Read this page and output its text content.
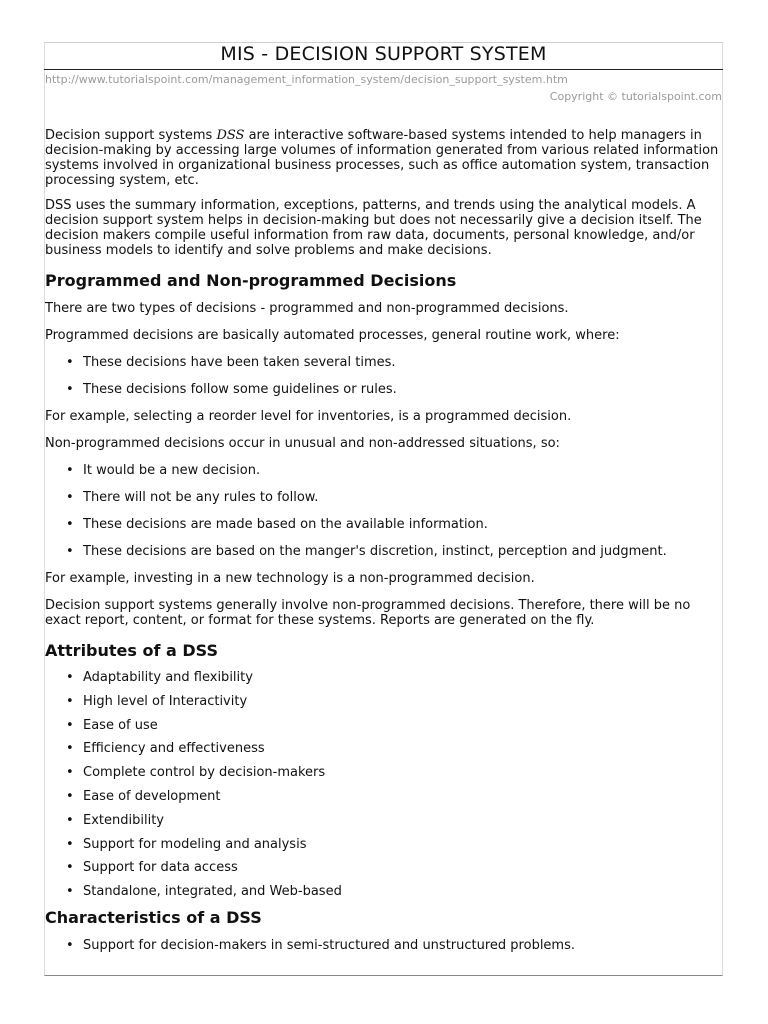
MIS - DECISION SUPPORT SYSTEM
http://www.tutorialspoint.com/management_information_system/decision_support_system.htm
Copyright © tutorialspoint.com

Decision support systems DSS are interactive software-based systems intended to help managers in decision-making by accessing large volumes of information generated from various related information systems involved in organizational business processes, such as office automation system, transaction processing system, etc.

DSS uses the summary information, exceptions, patterns, and trends using the analytical models. A decision support system helps in decision-making but does not necessarily give a decision itself. The decision makers compile useful information from raw data, documents, personal knowledge, and/or business models to identify and solve problems and make decisions.

Programmed and Non-programmed Decisions

There are two types of decisions - programmed and non-programmed decisions.

Programmed decisions are basically automated processes, general routine work, where:

• These decisions have been taken several times.
• These decisions follow some guidelines or rules.

For example, selecting a reorder level for inventories, is a programmed decision.

Non-programmed decisions occur in unusual and non-addressed situations, so:

• It would be a new decision.
• There will not be any rules to follow.
• These decisions are made based on the available information.
• These decisions are based on the manger's discretion, instinct, perception and judgment.

For example, investing in a new technology is a non-programmed decision.

Decision support systems generally involve non-programmed decisions. Therefore, there will be no exact report, content, or format for these systems. Reports are generated on the fly.

Attributes of a DSS
• Adaptability and flexibility
• High level of Interactivity
• Ease of use
• Efficiency and effectiveness
• Complete control by decision-makers
• Ease of development
• Extendibility
• Support for modeling and analysis
• Support for data access
• Standalone, integrated, and Web-based
Characteristics of a DSS
• Support for decision-makers in semi-structured and unstructured problems.
